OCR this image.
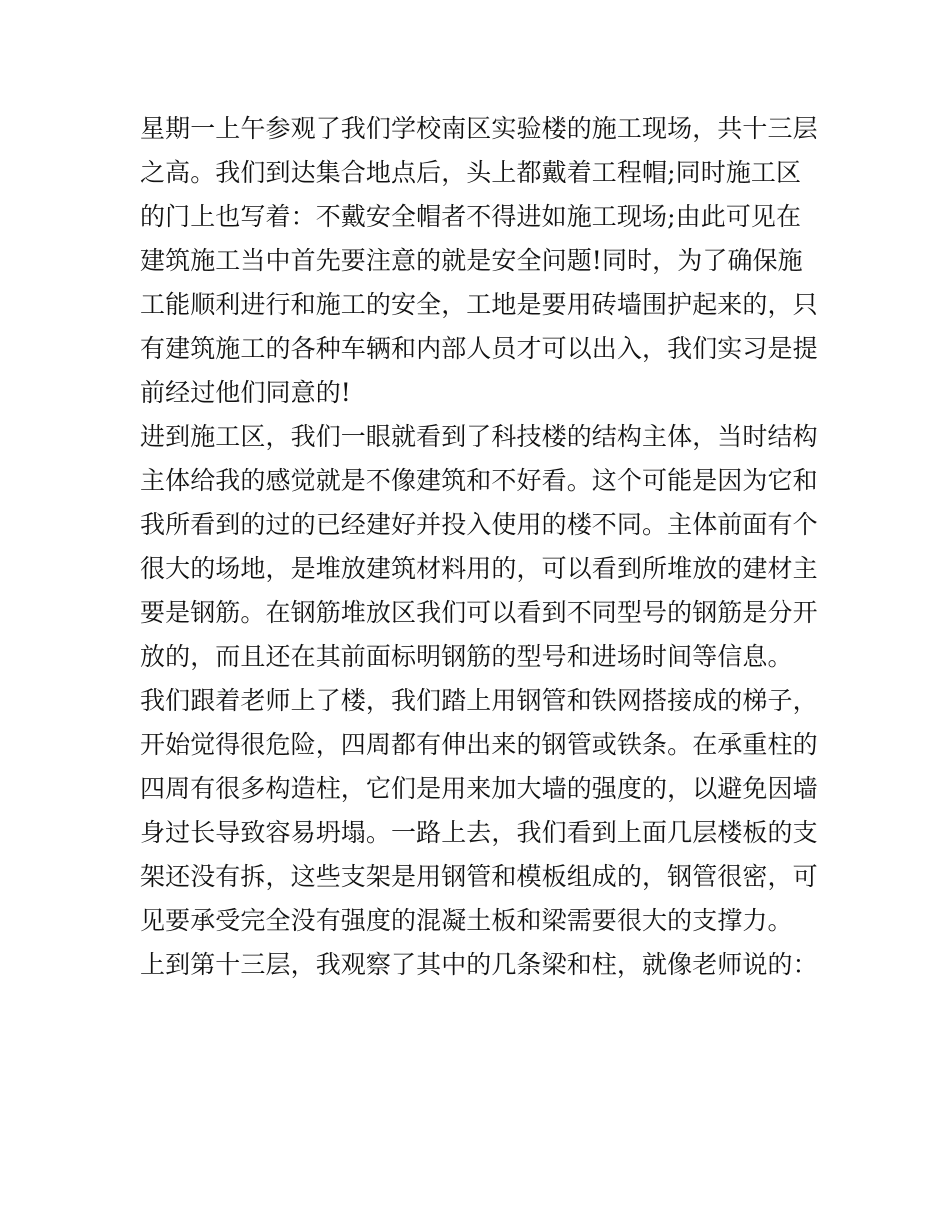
星期一上午参观了我们学校南区实验楼的施工现场，共十三层
之高。我们到达集合地点后，头上都戴着工程帽;同时施工区
的门上也写着：不戴安全帽者不得进如施工现场;由此可见在
建筑施工当中首先要注意的就是安全问题!同时，为了确保施
工能顺利进行和施工的安全，工地是要用砖墙围护起来的，只
有建筑施工的各种车辆和内部人员才可以出入，我们实习是提
前经过他们同意的!
进到施工区，我们一眼就看到了科技楼的结构主体，当时结构
主体给我的感觉就是不像建筑和不好看。这个可能是因为它和
我所看到的过的已经建好并投入使用的楼不同。主体前面有个
很大的场地，是堆放建筑材料用的，可以看到所堆放的建材主
要是钢筋。在钢筋堆放区我们可以看到不同型号的钢筋是分开
放的，而且还在其前面标明钢筋的型号和进场时间等信息。
我们跟着老师上了楼，我们踏上用钢管和铁网搭接成的梯子，
开始觉得很危险，四周都有伸出来的钢管或铁条。在承重柱的
四周有很多构造柱，它们是用来加大墙的强度的，以避免因墙
身过长导致容易坍塌。一路上去，我们看到上面几层楼板的支
架还没有拆，这些支架是用钢管和模板组成的，钢管很密，可
见要承受完全没有强度的混凝土板和梁需要很大的支撑力。
上到第十三层，我观察了其中的几条梁和柱，就像老师说的：
